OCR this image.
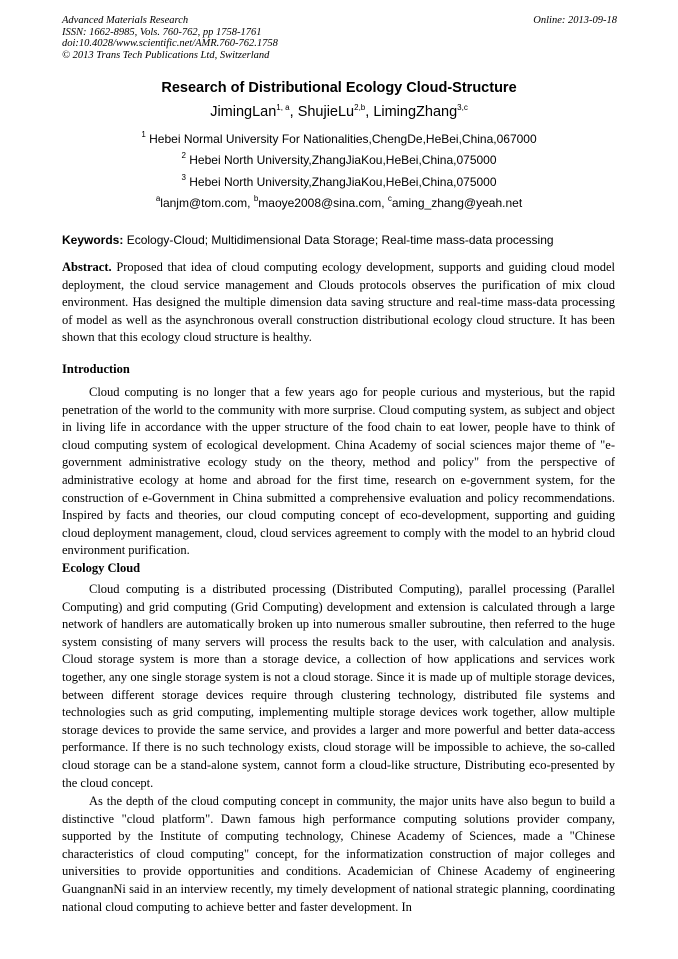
Advanced Materials Research
ISSN: 1662-8985, Vols. 760-762, pp 1758-1761
doi:10.4028/www.scientific.net/AMR.760-762.1758
© 2013 Trans Tech Publications Ltd, Switzerland
Online: 2013-09-18
Research of Distributional Ecology Cloud-Structure
JimingLan$^{1, a}$, ShujieLu$^{2,b}$, LimingZhang$^{3,c}$
$^1$ Hebei Normal University For Nationalities,ChengDe,HeBei,China,067000
$^2$ Hebei North University,ZhangJiaKou,HeBei,China,075000
$^3$ Hebei North University,ZhangJiaKou,HeBei,China,075000
$^a$lanjm@tom.com, $^b$maoye2008@sina.com, $^c$aming_zhang@yeah.net
Keywords: Ecology-Cloud; Multidimensional Data Storage; Real-time mass-data processing

Abstract. Proposed that idea of cloud computing ecology development, supports and guiding cloud model deployment, the cloud service management and Clouds protocols observes the purification of mix cloud environment. Has designed the multiple dimension data saving structure and real-time mass-data processing of model as well as the asynchronous overall construction distributional ecology cloud structure. It has been shown that this ecology cloud structure is healthy.

Introduction

Cloud computing is no longer that a few years ago for people curious and mysterious, but the rapid penetration of the world to the community with more surprise. Cloud computing system, as subject and object in living life in accordance with the upper structure of the food chain to eat lower, people have to think of cloud computing system of ecological development. China Academy of social sciences major theme of "e-government administrative ecology study on the theory, method and policy" from the perspective of administrative ecology at home and abroad for the first time, research on e-government system, for the construction of e-Government in China submitted a comprehensive evaluation and policy recommendations. Inspired by facts and theories, our cloud computing concept of eco-development, supporting and guiding cloud deployment management, cloud, cloud services agreement to comply with the model to an hybrid cloud environment purification.

Ecology Cloud

Cloud computing is a distributed processing (Distributed Computing), parallel processing (Parallel Computing) and grid computing (Grid Computing) development and extension is calculated through a large network of handlers are automatically broken up into numerous smaller subroutine, then referred to the huge system consisting of many servers will process the results back to the user, with calculation and analysis. Cloud storage system is more than a storage device, a collection of how applications and services work together, any one single storage system is not a cloud storage. Since it is made up of multiple storage devices, between different storage devices require through clustering technology, distributed file systems and technologies such as grid computing, implementing multiple storage devices work together, allow multiple storage devices to provide the same service, and provides a larger and more powerful and better data-access performance. If there is no such technology exists, cloud storage will be impossible to achieve, the so-called cloud storage can be a stand-alone system, cannot form a cloud-like structure, Distributing eco-presented by the cloud concept.

As the depth of the cloud computing concept in community, the major units have also begun to build a distinctive "cloud platform". Dawn famous high performance computing solutions provider company, supported by the Institute of computing technology, Chinese Academy of Sciences, made a "Chinese characteristics of cloud computing" concept, for the informatization construction of major colleges and universities to provide opportunities and conditions. Academician of Chinese Academy of engineering GuangnanNi said in an interview recently, my timely development of national strategic planning, coordinating national cloud computing to achieve better and faster development. In
